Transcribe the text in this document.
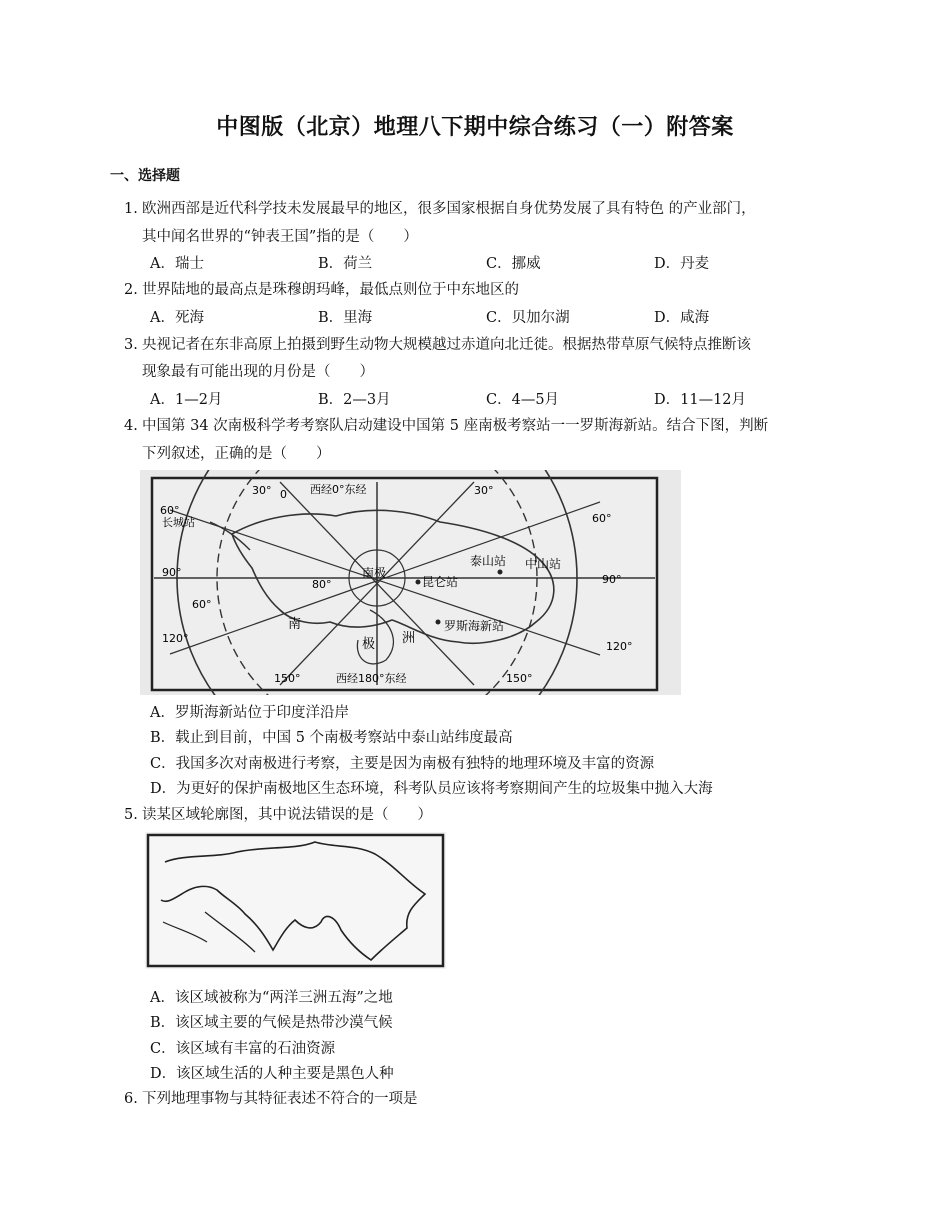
中图版（北京）地理八下期中综合练习（一）附答案
一、选择题
1. 欧洲西部是近代科学技未发展最早的地区，很多国家根据自身优势发展了具有特色 的产业部门，
其中闻名世界的“钟表王国”指的是（　　）
A．瑞士	B．荷兰	C．挪威	D．丹麦
2. 世界陆地的最高点是珠穆朗玛峰，最低点则位于中东地区的
A．死海	B．里海	C．贝加尔湖	D．咸海
3. 央视记者在东非高原上拍摄到野生动物大规模越过赤道向北迁徙。根据热带草原气候特点推断该
现象最有可能出现的月份是（　　）
A．1—2月	B．2—3月	C．4—5月	D．11—12月
4. 中国第 34 次南极科学考考察队启动建设中国第 5 座南极考察站一一罗斯海新站。结合下图，判断
下列叙述，正确的是（　　）
西经0°东经
西经180°东经
南极
昆仑站
泰山站 中山站
长城站
罗斯海新站
南
极 洲
80°
30°	30°
60°
60°
90°
90°
120°
120°
150°	150°
60°
0
A．罗斯海新站位于印度洋沿岸
B．载止到目前，中国 5 个南极考察站中泰山站纬度最高
C．我国多次对南极进行考察，主要是因为南极有独特的地理环境及丰富的资源
D．为更好的保护南极地区生态环境，科考队员应该将考察期间产生的垃圾集中抛入大海
5. 读某区域轮廓图，其中说法错误的是（　　）
A．该区域被称为“两洋三洲五海”之地
B．该区域主要的气候是热带沙漠气候
C．该区域有丰富的石油资源
D．该区域生活的人种主要是黑色人种
6. 下列地理事物与其特征表述不符合的一项是
